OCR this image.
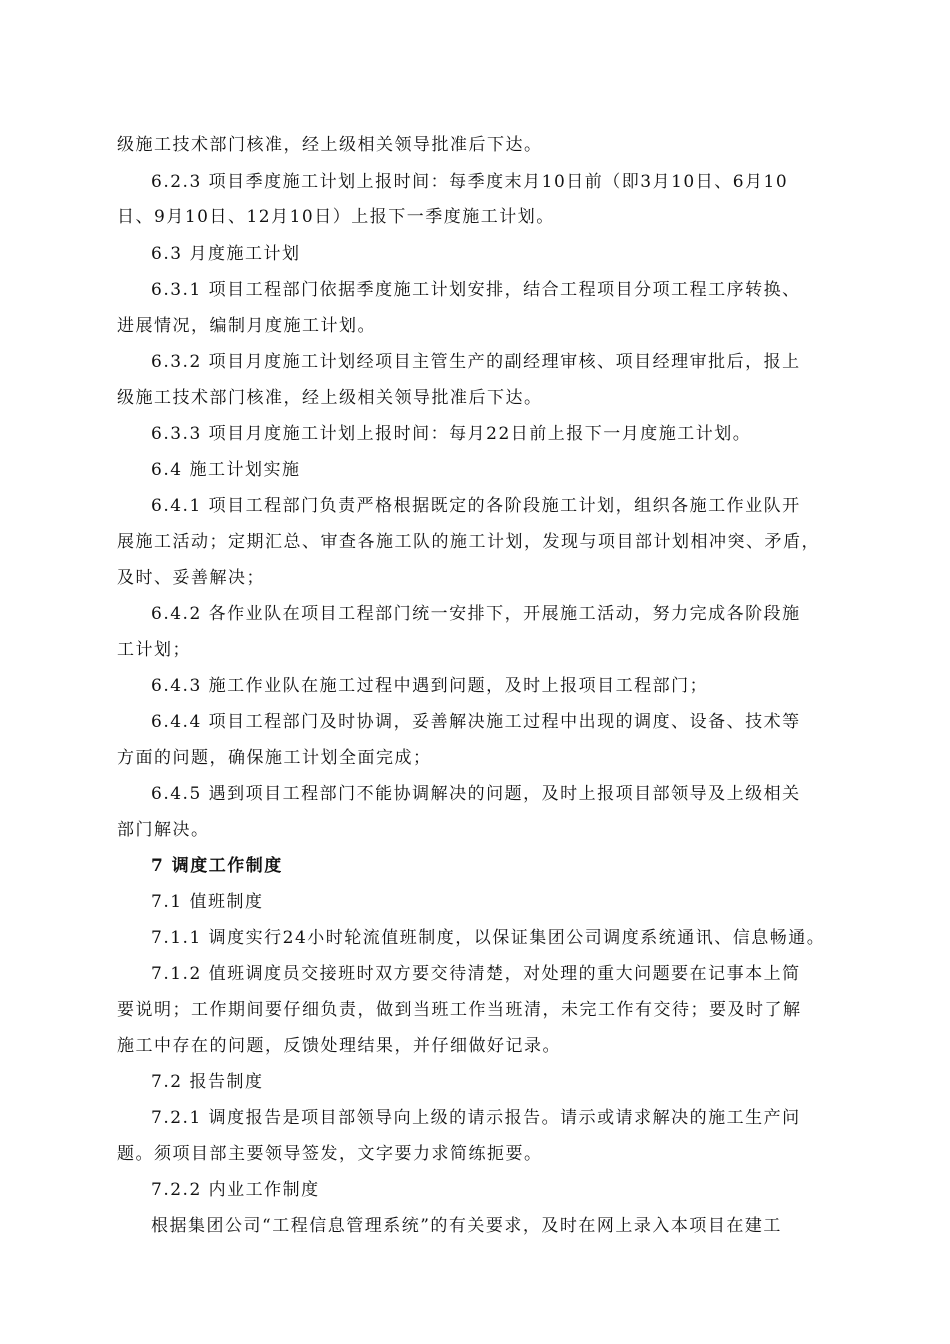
级施工技术部门核准，经上级相关领导批准后下达。
6.2.3 项目季度施工计划上报时间：每季度末月10日前（即3月10日、6月10
日、9月10日、12月10日）上报下一季度施工计划。
6.3 月度施工计划
6.3.1 项目工程部门依据季度施工计划安排，结合工程项目分项工程工序转换、
进展情况，编制月度施工计划。
6.3.2 项目月度施工计划经项目主管生产的副经理审核、项目经理审批后，报上
级施工技术部门核准，经上级相关领导批准后下达。
6.3.3 项目月度施工计划上报时间：每月22日前上报下一月度施工计划。
6.4 施工计划实施
6.4.1 项目工程部门负责严格根据既定的各阶段施工计划，组织各施工作业队开
展施工活动；定期汇总、审查各施工队的施工计划，发现与项目部计划相冲突、矛盾，
及时、妥善解决；
6.4.2 各作业队在项目工程部门统一安排下，开展施工活动，努力完成各阶段施
工计划；
6.4.3 施工作业队在施工过程中遇到问题，及时上报项目工程部门；
6.4.4 项目工程部门及时协调，妥善解决施工过程中出现的调度、设备、技术等
方面的问题，确保施工计划全面完成；
6.4.5 遇到项目工程部门不能协调解决的问题，及时上报项目部领导及上级相关
部门解决。
7 调度工作制度
7.1 值班制度
7.1.1 调度实行24小时轮流值班制度，以保证集团公司调度系统通讯、信息畅通。
7.1.2 值班调度员交接班时双方要交待清楚，对处理的重大问题要在记事本上简
要说明；工作期间要仔细负责，做到当班工作当班清，未完工作有交待；要及时了解
施工中存在的问题，反馈处理结果，并仔细做好记录。
7.2 报告制度
7.2.1 调度报告是项目部领导向上级的请示报告。请示或请求解决的施工生产问
题。须项目部主要领导签发，文字要力求简练扼要。
7.2.2 内业工作制度
根据集团公司“工程信息管理系统”的有关要求，及时在网上录入本项目在建工
